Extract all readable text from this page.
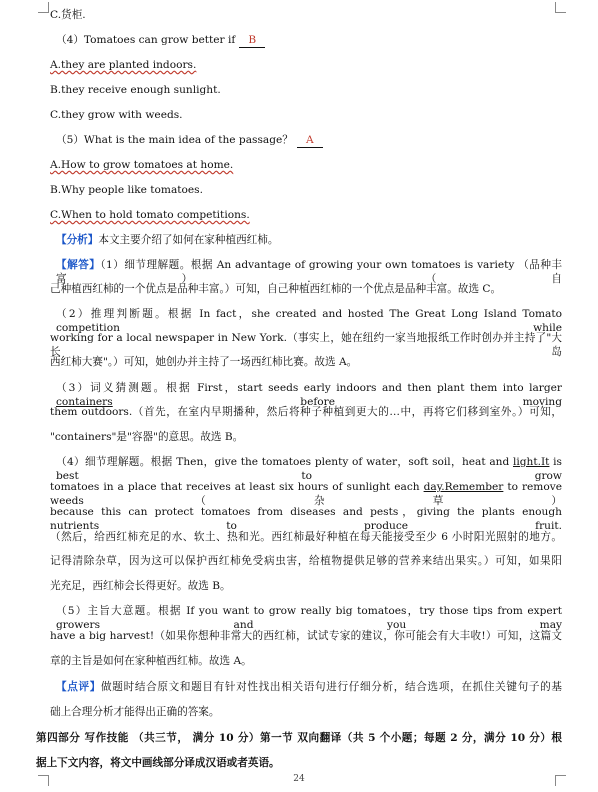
C.货柜.
（4）Tomatoes can grow better if B
A.they are planted indoors.
B.they receive enough sunlight.
C.they grow with weeds.
（5）What is the main idea of the passage？ A
A.How to grow tomatoes at home.
B.Why people like tomatoes.
C.When to hold tomato competitions.
【分析】本文主要介绍了如何在家种植西红柿。
【解答】（1）细节理解题。根据 An advantage of growing your own tomatoes is variety （品种丰富）.（自
己种植西红柿的一个优点是品种丰富。）可知，自己种植西红柿的一个优点是品种丰富。故选 C。
（2）推理判断题。根据 In fact，she created and hosted The Great Long Island Tomato competition while
working for a local newspaper in New York.（事实上，她在纽约一家当地报纸工作时创办并主持了"大长岛
西红柿大赛"。）可知，她创办并主持了一场西红柿比赛。故选 A。
（3）词义猜测题。根据 First，start seeds early indoors and then plant them into larger containers before moving
them outdoors.（首先，在室内早期播种，然后将种子种植到更大的…中，再将它们移到室外。）可知，
"containers"是"容器"的意思。故选 B。
（4）细节理解题。根据 Then，give the tomatoes plenty of water，soft soil，heat and light.It is best to grow
tomatoes in a place that receives at least six hours of sunlight each day.Remember to remove weeds （杂草）
because this can protect tomatoes from diseases and pests，giving the plants enough nutrients to produce fruit.
（然后，给西红柿充足的水、软土、热和光。西红柿最好种植在每天能接受至少 6 小时阳光照射的地方。
记得清除杂草，因为这可以保护西红柿免受病虫害，给植物提供足够的营养来结出果实。）可知，如果阳
光充足，西红柿会长得更好。故选 B。
（5）主旨大意题。根据 If you want to grow really big tomatoes，try those tips from expert growers and you may
have a big harvest!（如果你想种非常大的西红柿，试试专家的建议，你可能会有大丰收!）可知，这篇文
章的主旨是如何在家种植西红柿。故选 A。
【点评】做题时结合原文和题目有针对性找出相关语句进行仔细分析，结合选项，在抓住关键句子的基
础上合理分析才能得出正确的答案。
第四部分 写作技能 （共三节， 满分 10 分）第一节 双向翻译（共 5 个小题；每题 2 分，满分 10 分）根
据上下文内容，将文中画线部分译成汉语或者英语。
24
